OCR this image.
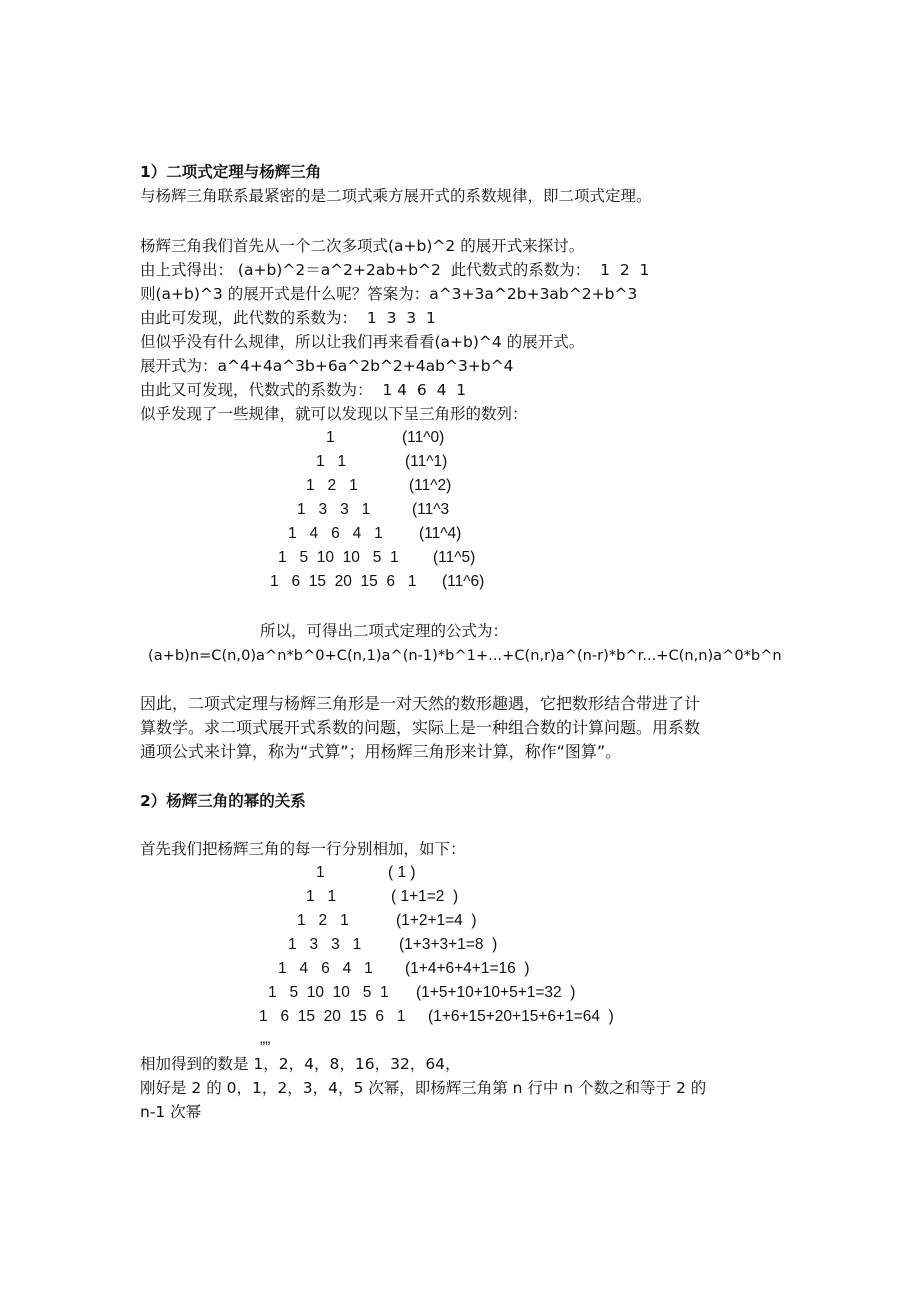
1）二项式定理与杨辉三角

与杨辉三角联系最紧密的是二项式乘方展开式的系数规律，即二项式定理。

杨辉三角我们首先从一个二次多项式(a+b)^2 的展开式来探讨。

由上式得出： (a+b)^2＝a^2+2ab+b^2  此代数式的系数为：  1  2  1

则(a+b)^3 的展开式是什么呢？答案为：a^3+3a^2b+3ab^2+b^3

由此可发现，此代数的系数为：  1  3  3  1

但似乎没有什么规律，所以让我们再来看看(a+b)^4 的展开式。

展开式为：a^4+4a^3b+6a^2b^2+4ab^3+b^4

由此又可发现，代数式的系数为：  1 4  6  4  1

似乎发现了一些规律，就可以发现以下呈三角形的数列：

1	(11^0)

1   1	(11^1)

1   2   1	(11^2)

1   3   3   1	(11^3

1   4   6   4   1 (11^4)

1   5  10  10   5  1 (11^5)

1   6  15  20  15  6   1 (11^6)

所以，可得出二项式定理的公式为：

(a+b)n=C(n,0)a^n*b^0+C(n,1)a^(n-1)*b^1+...+C(n,r)a^(n-r)*b^r...+C(n,n)a^0*b^n

因此，二项式定理与杨辉三角形是一对天然的数形趣遇，它把数形结合带进了计

算数学。求二项式展开式系数的问题，实际上是一种组合数的计算问题。用系数

通项公式来计算，称为“式算”；用杨辉三角形来计算，称作“图算”。

2）杨辉三角的幂的关系

首先我们把杨辉三角的每一行分别相加，如下：

1	( 1 )

1   1	( 1+1=2  )

1   2   1	(1+2+1=4  )

1   3   3   1 (1+3+3+1=8  )

1   4   6   4   1 (1+4+6+4+1=16  )

1   5  10  10   5  1 (1+5+10+10+5+1=32  )

1   6  15  20  15  6   1 (1+6+15+20+15+6+1=64  )

„„

相加得到的数是 1，2，4，8，16，32，64，

刚好是 2 的 0，1，2，3，4，5 次幂，即杨辉三角第 n 行中 n 个数之和等于 2 的

n-1 次幂
